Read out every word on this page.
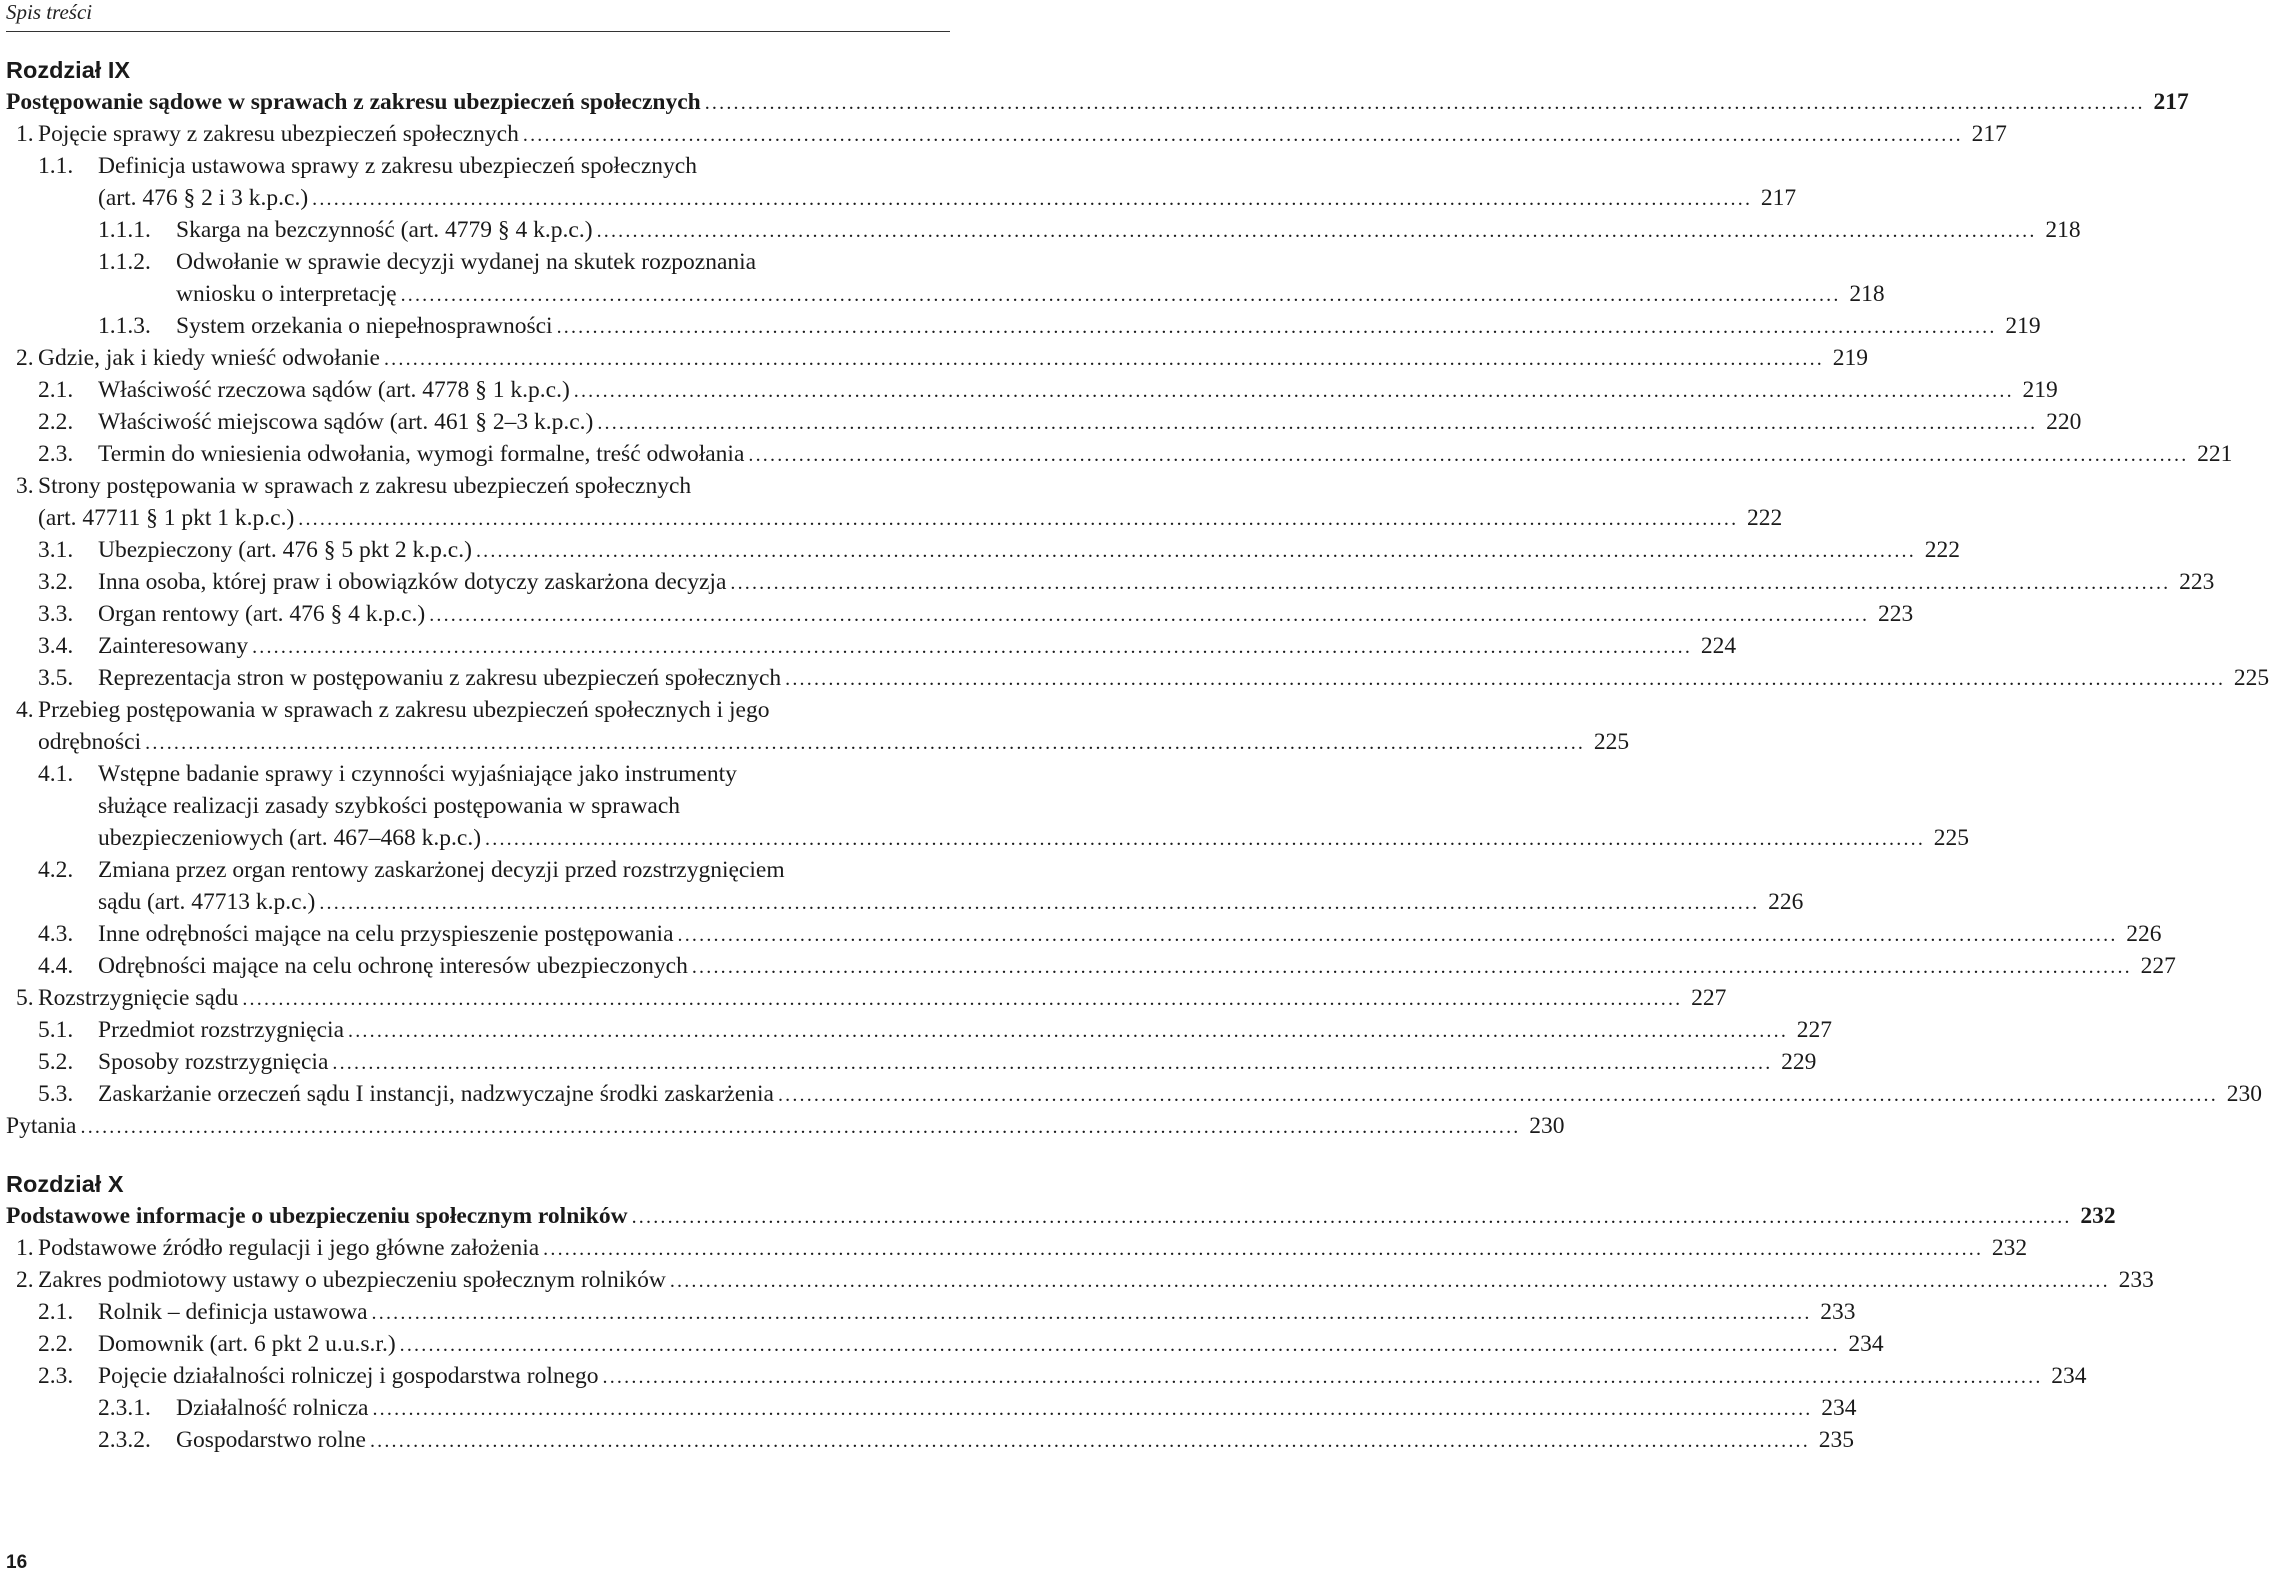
Spis treści
Rozdział IX
Postępowanie sądowe w sprawach z zakresu ubezpieczeń społecznych ........................................................................................................................................................................................................ 217
1. Pojęcie sprawy z zakresu ubezpieczeń społecznych ........................................................................................................................................................................................................ 217
1.1.	Definicja ustawowa sprawy z zakresu ubezpieczeń społecznych
(art. 476 § 2 i 3 k.p.c.) ........................................................................................................................................................................................................ 217
1.1.1.	Skarga na bezczynność (art. 4779 § 4 k.p.c.) ........................................................................................................................................................................................................ 218
1.1.2.	Odwołanie w sprawie decyzji wydanej na skutek rozpoznania
wniosku o interpretację ........................................................................................................................................................................................................ 218
1.1.3.	System orzekania o niepełnosprawności ........................................................................................................................................................................................................ 219
2. Gdzie, jak i kiedy wnieść odwołanie ........................................................................................................................................................................................................ 219
2.1.	Właściwość rzeczowa sądów (art. 4778 § 1 k.p.c.) ........................................................................................................................................................................................................ 219
2.2.	Właściwość miejscowa sądów (art. 461 § 2–3 k.p.c.) ........................................................................................................................................................................................................ 220
2.3.	Termin do wniesienia odwołania, wymogi formalne, treść odwołania ........................................................................................................................................................................................................ 221
3. Strony postępowania w sprawach z zakresu ubezpieczeń społecznych
(art. 47711 § 1 pkt 1 k.p.c.) ........................................................................................................................................................................................................ 222
3.1.	Ubezpieczony (art. 476 § 5 pkt 2 k.p.c.) ........................................................................................................................................................................................................ 222
3.2.	Inna osoba, której praw i obowiązków dotyczy zaskarżona decyzja ........................................................................................................................................................................................................ 223
3.3.	Organ rentowy (art. 476 § 4 k.p.c.) ........................................................................................................................................................................................................ 223
3.4.	Zainteresowany ........................................................................................................................................................................................................ 224
3.5.	Reprezentacja stron w postępowaniu z zakresu ubezpieczeń społecznych ........................................................................................................................................................................................................ 225
4. Przebieg postępowania w sprawach z zakresu ubezpieczeń społecznych i jego
odrębności ........................................................................................................................................................................................................ 225
4.1.	Wstępne badanie sprawy i czynności wyjaśniające jako instrumenty
służące realizacji zasady szybkości postępowania w sprawach
ubezpieczeniowych (art. 467–468 k.p.c.) ........................................................................................................................................................................................................ 225
4.2.	Zmiana przez organ rentowy zaskarżonej decyzji przed rozstrzygnięciem
sądu (art. 47713 k.p.c.) ........................................................................................................................................................................................................ 226
4.3.	Inne odrębności mające na celu przyspieszenie postępowania ........................................................................................................................................................................................................ 226
4.4.	Odrębności mające na celu ochronę interesów ubezpieczonych ........................................................................................................................................................................................................ 227
5. Rozstrzygnięcie sądu ........................................................................................................................................................................................................ 227
5.1.	Przedmiot rozstrzygnięcia ........................................................................................................................................................................................................ 227
5.2.	Sposoby rozstrzygnięcia ........................................................................................................................................................................................................ 229
5.3.	Zaskarżanie orzeczeń sądu I instancji, nadzwyczajne środki zaskarżenia ........................................................................................................................................................................................................ 230
Pytania ........................................................................................................................................................................................................ 230
Rozdział X
Podstawowe informacje o ubezpieczeniu społecznym rolników ........................................................................................................................................................................................................ 232
1. Podstawowe źródło regulacji i jego główne założenia ........................................................................................................................................................................................................ 232
2. Zakres podmiotowy ustawy o ubezpieczeniu społecznym rolników ........................................................................................................................................................................................................ 233
2.1.	Rolnik – definicja ustawowa ........................................................................................................................................................................................................ 233
2.2.	Domownik (art. 6 pkt 2 u.u.s.r.) ........................................................................................................................................................................................................ 234
2.3.	Pojęcie działalności rolniczej i gospodarstwa rolnego ........................................................................................................................................................................................................ 234
2.3.1.	Działalność rolnicza ........................................................................................................................................................................................................ 234
2.3.2.	Gospodarstwo rolne ........................................................................................................................................................................................................ 235
16
